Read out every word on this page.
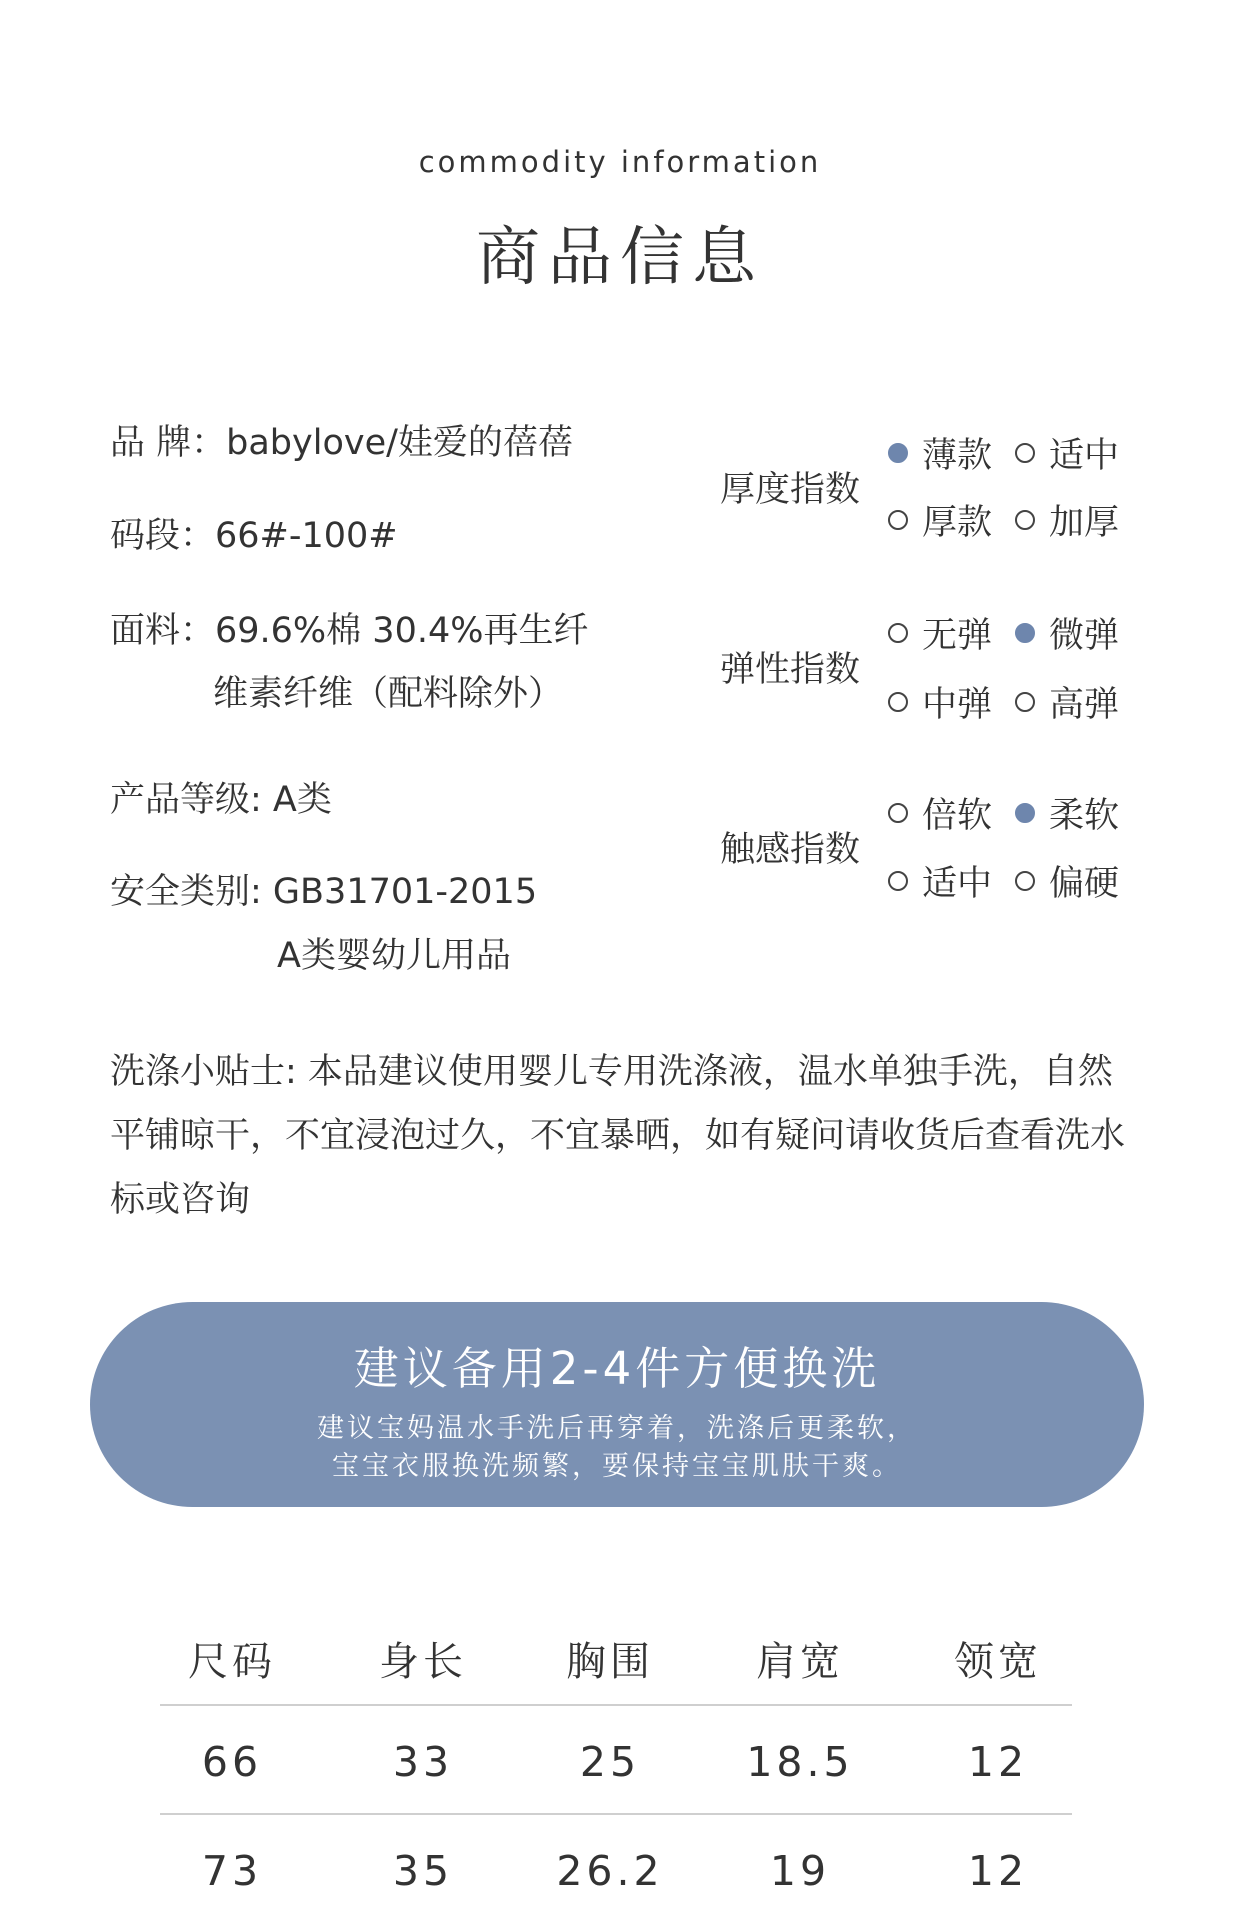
commodity information
商品信息
品 牌：babylove/娃爱的蓓蓓
码段：66#-100#
面料：69.6%棉 30.4%再生纤
维素纤维（配料除外）
产品等级: A类
安全类别: GB31701-2015
A类婴幼儿用品
厚度指数
薄款 适中
厚款 加厚
弹性指数
无弹 微弹
中弹 高弹
触感指数
倍软 柔软
适中 偏硬
洗涤小贴士: 本品建议使用婴儿专用洗涤液，温水单独手洗，自然
平铺晾干，不宜浸泡过久，不宜暴晒，如有疑问请收货后查看洗水
标或咨询
建议备用2-4件方便换洗
建议宝妈温水手洗后再穿着，洗涤后更柔软，
宝宝衣服换洗频繁，要保持宝宝肌肤干爽。
尺码	身长	胸围	肩宽	领宽
66	33	25	18.5	12
73	35	26.2	19	12
